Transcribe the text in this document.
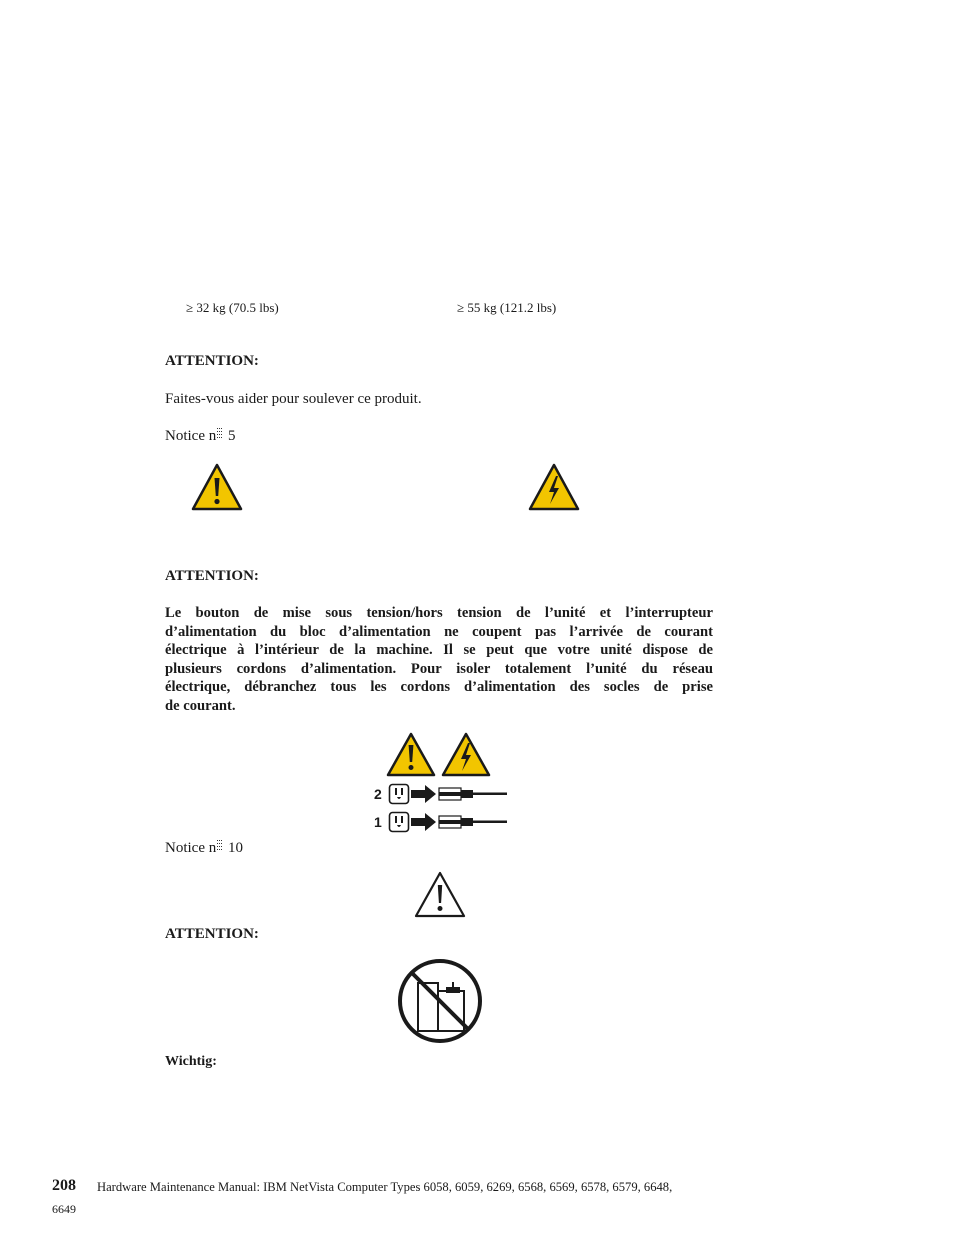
≥ 32 kg (70.5 lbs)	≥ 55 kg (121.2 lbs)
ATTENTION:
Faites-vous aider pour soulever ce produit.
Notice n 5
ATTENTION:
Le bouton de mise sous tension/hors tension de l’unité et l’interrupteur
d’alimentation du bloc d’alimentation ne coupent pas l’arrivée de courant
électrique à l’intérieur de la machine. Il se peut que votre unité dispose de
plusieurs cordons d’alimentation. Pour isoler totalement l’unité du réseau
électrique, débranchez tous les cordons d’alimentation des socles de prise
de courant.
2
1
Notice n 10
ATTENTION:
Wichtig:
208 Hardware Maintenance Manual: IBM NetVista Computer Types 6058, 6059, 6269, 6568, 6569, 6578, 6579, 6648,
6649
